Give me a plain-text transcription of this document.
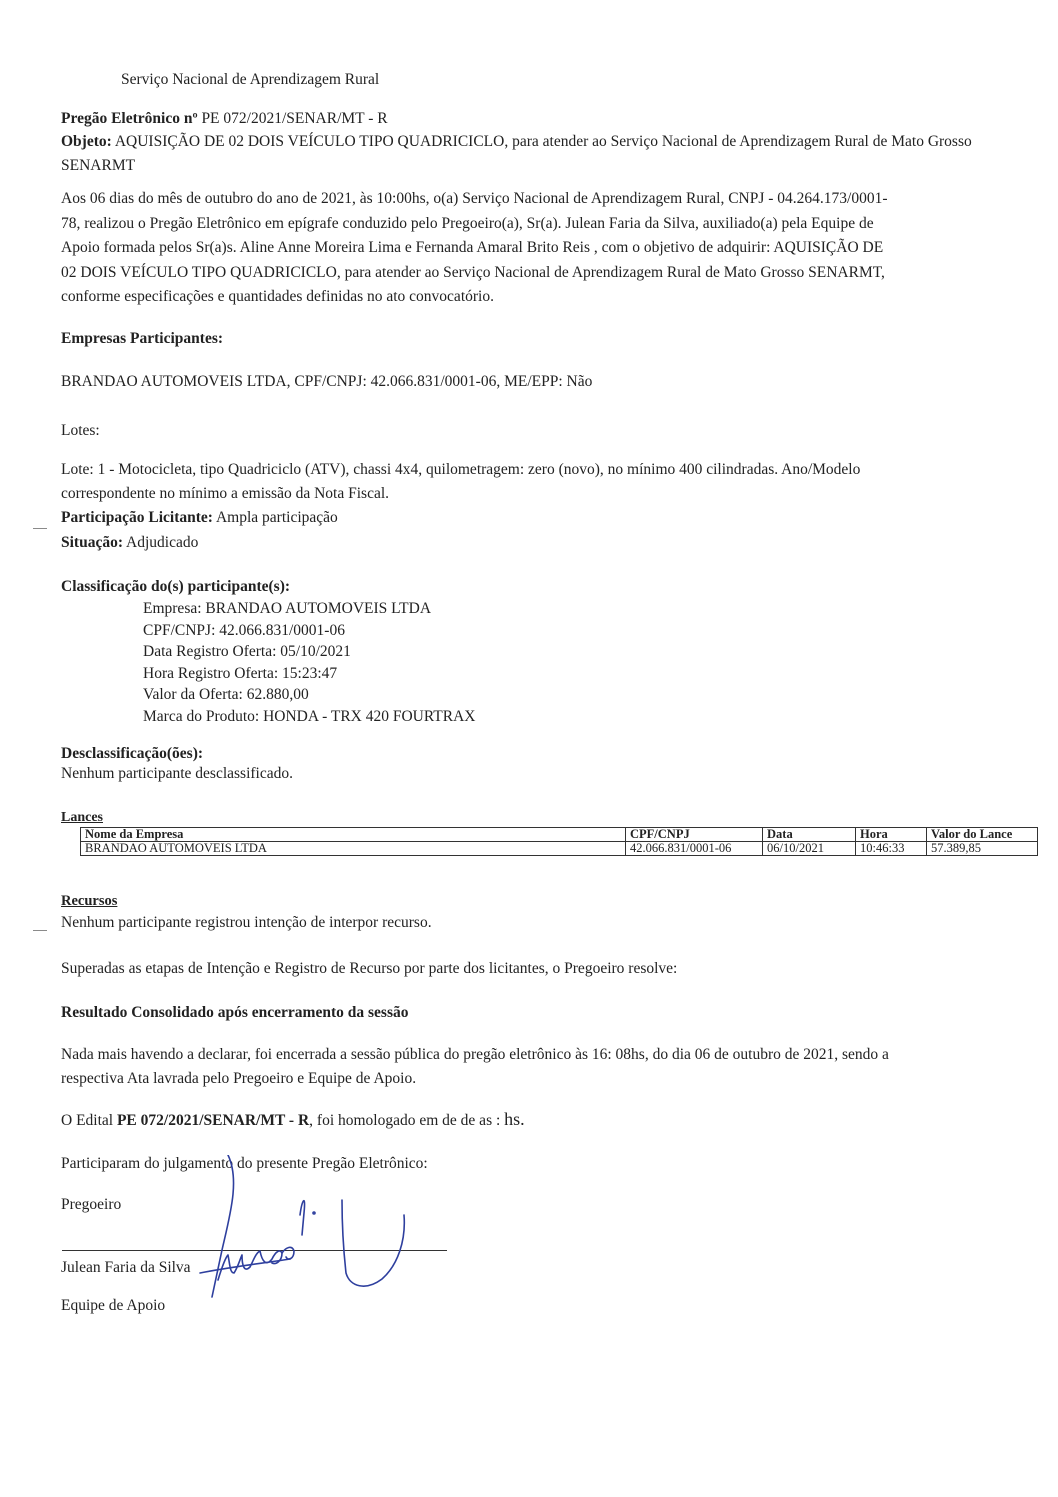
Serviço Nacional de Aprendizagem Rural
Pregão Eletrônico nº PE 072/2021/SENAR/MT - R
Objeto: AQUISIÇÃO DE 02 DOIS VEÍCULO TIPO QUADRICICLO, para atender ao Serviço Nacional de Aprendizagem Rural de Mato Grosso SENARMT
Aos 06 dias do mês de outubro do ano de 2021, às 10:00hs, o(a) Serviço Nacional de Aprendizagem Rural, CNPJ - 04.264.173/0001-
78, realizou o Pregão Eletrônico em epígrafe conduzido pelo Pregoeiro(a), Sr(a). Julean Faria da Silva, auxiliado(a) pela Equipe de
Apoio formada pelos Sr(a)s. Aline Anne Moreira Lima e Fernanda Amaral Brito Reis , com o objetivo de adquirir: AQUISIÇÃO DE
02 DOIS VEÍCULO TIPO QUADRICICLO, para atender ao Serviço Nacional de Aprendizagem Rural de Mato Grosso SENARMT,
conforme especificações e quantidades definidas no ato convocatório.
Empresas Participantes:
BRANDAO AUTOMOVEIS LTDA, CPF/CNPJ: 42.066.831/0001-06, ME/EPP: Não
Lotes:
Lote: 1 - Motocicleta, tipo Quadriciclo (ATV), chassi 4x4, quilometragem: zero (novo), no mínimo 400 cilindradas. Ano/Modelo
correspondente no mínimo a emissão da Nota Fiscal.
Participação Licitante: Ampla participação
Situação: Adjudicado
Classificação do(s) participante(s):
Empresa: BRANDAO AUTOMOVEIS LTDA
CPF/CNPJ: 42.066.831/0001-06
Data Registro Oferta: 05/10/2021
Hora Registro Oferta: 15:23:47
Valor da Oferta: 62.880,00
Marca do Produto: HONDA - TRX 420 FOURTRAX
Desclassificação(ões):
Nenhum participante desclassificado.
Lances
Nome da Empresa	CPF/CNPJ	Data	Hora	Valor do Lance
BRANDAO AUTOMOVEIS LTDA	42.066.831/0001-06	06/10/2021	10:46:33	57.389,85
Recursos
Nenhum participante registrou intenção de interpor recurso.
Superadas as etapas de Intenção e Registro de Recurso por parte dos licitantes, o Pregoeiro resolve:
Resultado Consolidado após encerramento da sessão
Nada mais havendo a declarar, foi encerrada a sessão pública do pregão eletrônico às 16: 08hs, do dia 06 de outubro de 2021, sendo a
respectiva Ata lavrada pelo Pregoeiro e Equipe de Apoio.
O Edital PE 072/2021/SENAR/MT - R, foi homologado em de de as : hs.
Participaram do julgamento do presente Pregão Eletrônico:
Pregoeiro
Julean Faria da Silva
Equipe de Apoio
